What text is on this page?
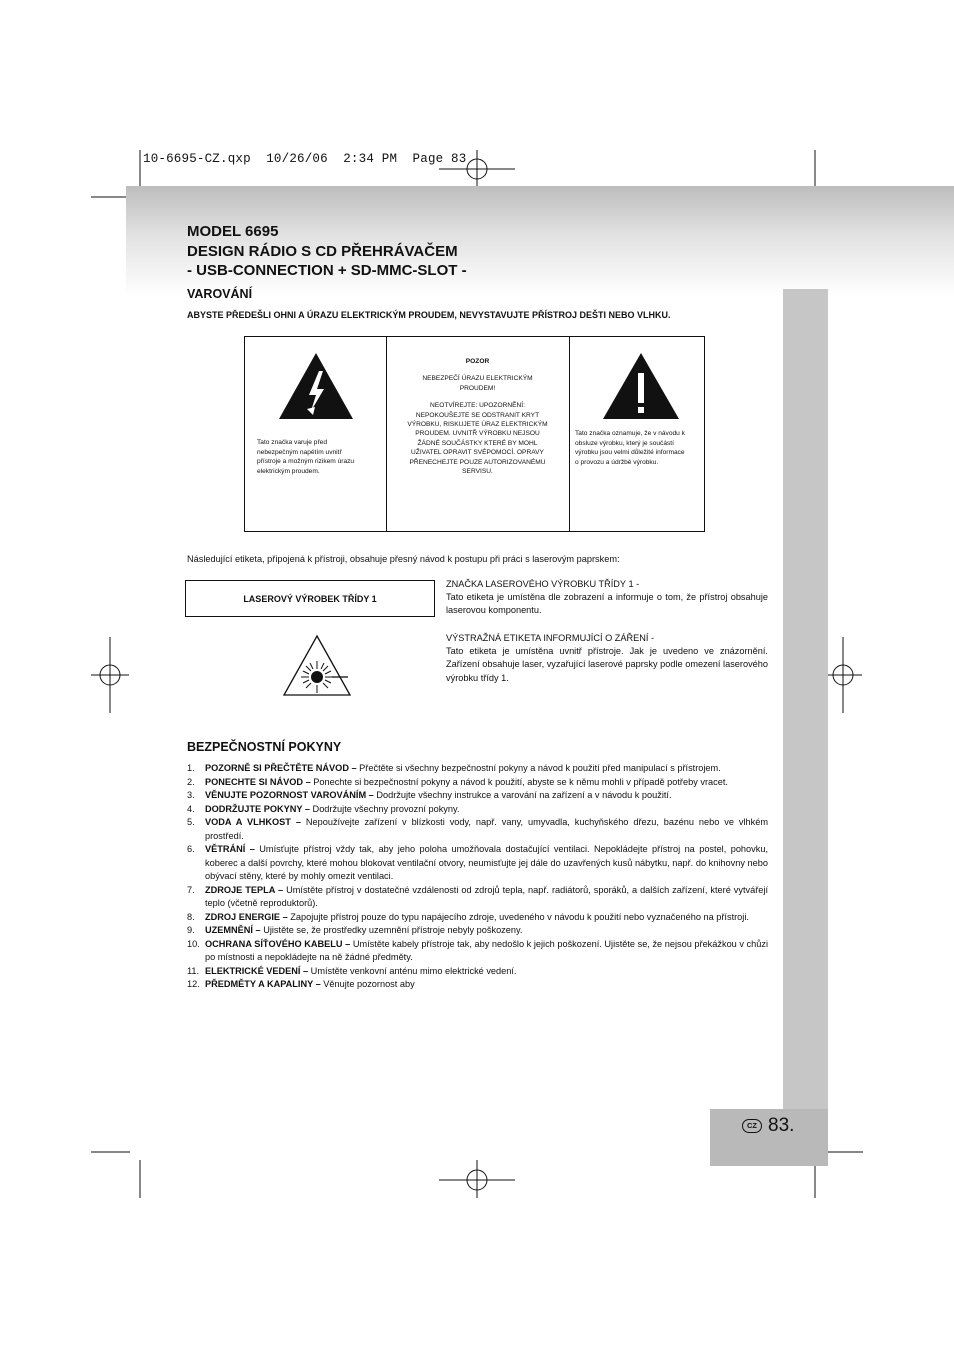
10-6695-CZ.qxp  10/26/06  2:34 PM  Page 83
MODEL 6695
DESIGN RÁDIO S CD PŘEHRÁVAČEM
- USB-CONNECTION + SD-MMC-SLOT -
VAROVÁNÍ
ABYSTE PŘEDEŠLI OHNI A ÚRAZU ELEKTRICKÝM PROUDEM, NEVYSTAVUJTE PŘÍSTROJ DEŠTI NEBO VLHKU.
Tato značka varuje před
nebezpečným napětím uvnitř
přístroje a možným rizikem úrazu
elektrickým proudem.

POZOR

NEBEZPEČÍ ÚRAZU ELEKTRICKÝM
PROUDEM!

NEOTVÍREJTE: UPOZORNĚNÍ:
NEPOKOUŠEJTE SE ODSTRANIT KRYT
VÝROBKU, RISKUJETE ÚRAZ ELEKTRICKÝM
PROUDEM. UVNITŘ VÝROBKU NEJSOU
ŽÁDNÉ SOUČÁSTKY KTERÉ BY MOHL
UŽIVATEL OPRAVIT SVÉPOMOCÍ. OPRAVY
PŘENECHEJTE POUZE AUTORIZOVANÉMU
SERVISU.

Tato značka oznamuje, že v návodu k
obsluze výrobku, který je součástí
výrobku jsou velmi důležité informace
o provozu a údržbě výrobku.
Následující etiketa, připojená k přístroji, obsahuje přesný návod k postupu při práci s laserovým paprskem:
LASEROVÝ VÝROBEK TŘÍDY 1

ZNAČKA LASEROVÉHO VÝROBKU TŘÍDY 1 -

Tato etiketa je umístěna dle zobrazení a informuje o tom, že přístroj obsahuje laserovou komponentu.

VÝSTRAŽNÁ ETIKETA INFORMUJÍCÍ O ZÁŘENÍ -

Tato etiketa je umístěna uvnitř přístroje. Jak je uvedeno ve znázornění. Zařízení obsahuje laser, vyzařující laserové paprsky podle omezení laserového výrobku třídy 1.

BEZPEČNOSTNÍ POKYNY
1.	POZORNĚ SI PŘEČTĚTE NÁVOD – Přečtěte si všechny bezpečnostní pokyny a návod k použití před manipulací s přístrojem.
2.	PONECHTE SI NÁVOD – Ponechte si bezpečnostní pokyny a návod k použití, abyste se k němu mohli v případě potřeby vracet.
3.	VĚNUJTE POZORNOST VAROVÁNÍM – Dodržujte všechny instrukce a varování na zařízení a v návodu k použití.
4.	DODRŽUJTE POKYNY – Dodržujte všechny provozní pokyny.
5.	VODA A VLHKOST – Nepoužívejte zařízení v blízkosti vody, např. vany, umyvadla, kuchyňského dřezu, bazénu nebo ve vlhkém prostředí.
6.	VĚTRÁNÍ – Umísťujte přístroj vždy tak, aby jeho poloha umožňovala dostačující ventilaci. Nepokládejte přístroj na postel, pohovku, koberec a další povrchy, které mohou blokovat ventilační otvory, neumisťujte jej dále do uzavřených kusů nábytku, např. do knihovny nebo obývací stěny, které by mohly omezit ventilaci.
7.	ZDROJE TEPLA – Umístěte přístroj v dostatečné vzdálenosti od zdrojů tepla, např. radiátorů, sporáků, a dalších zařízení, které vytvářejí teplo (včetně reproduktorů).
8.	ZDROJ ENERGIE – Zapojujte přístroj pouze do typu napájecího zdroje, uvedeného v návodu k použití nebo vyznačeného na přístroji.
9.	UZEMNĚNÍ – Ujistěte se, že prostředky uzemnění přístroje nebyly poškozeny.
10. OCHRANA SÍŤOVÉHO KABELU – Umístěte kabely přístroje tak, aby nedošlo k jejich poškození. Ujistěte se, že nejsou překážkou v chůzi po místnosti a nepokládejte na ně žádné předměty.
11. ELEKTRICKÉ VEDENÍ – Umístěte venkovní anténu mimo elektrické vedení.
12. PŘEDMĚTY A KAPALINY – Věnujte pozornost aby
CZ 83.
